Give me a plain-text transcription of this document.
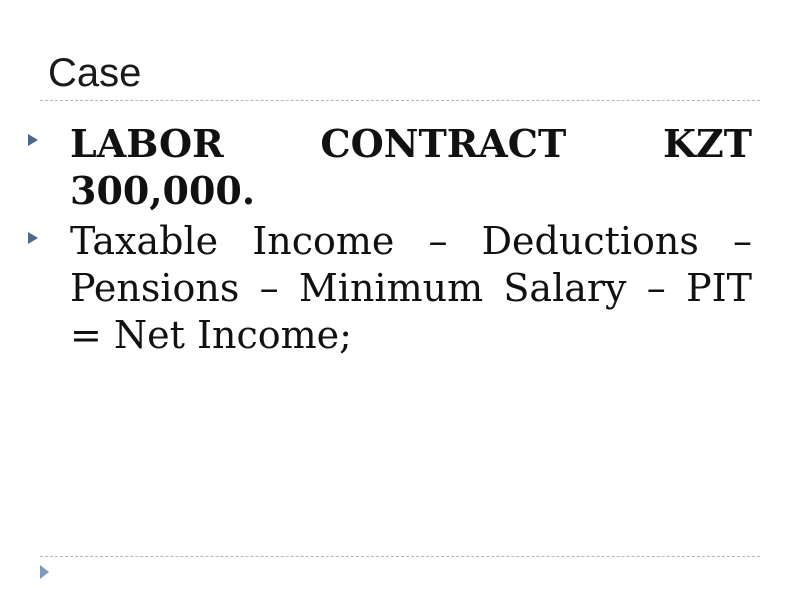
Case
LABOR CONTRACT KZT 300,000.
Taxable Income – Deductions – Pensions – Minimum Salary – PIT = Net Income;
